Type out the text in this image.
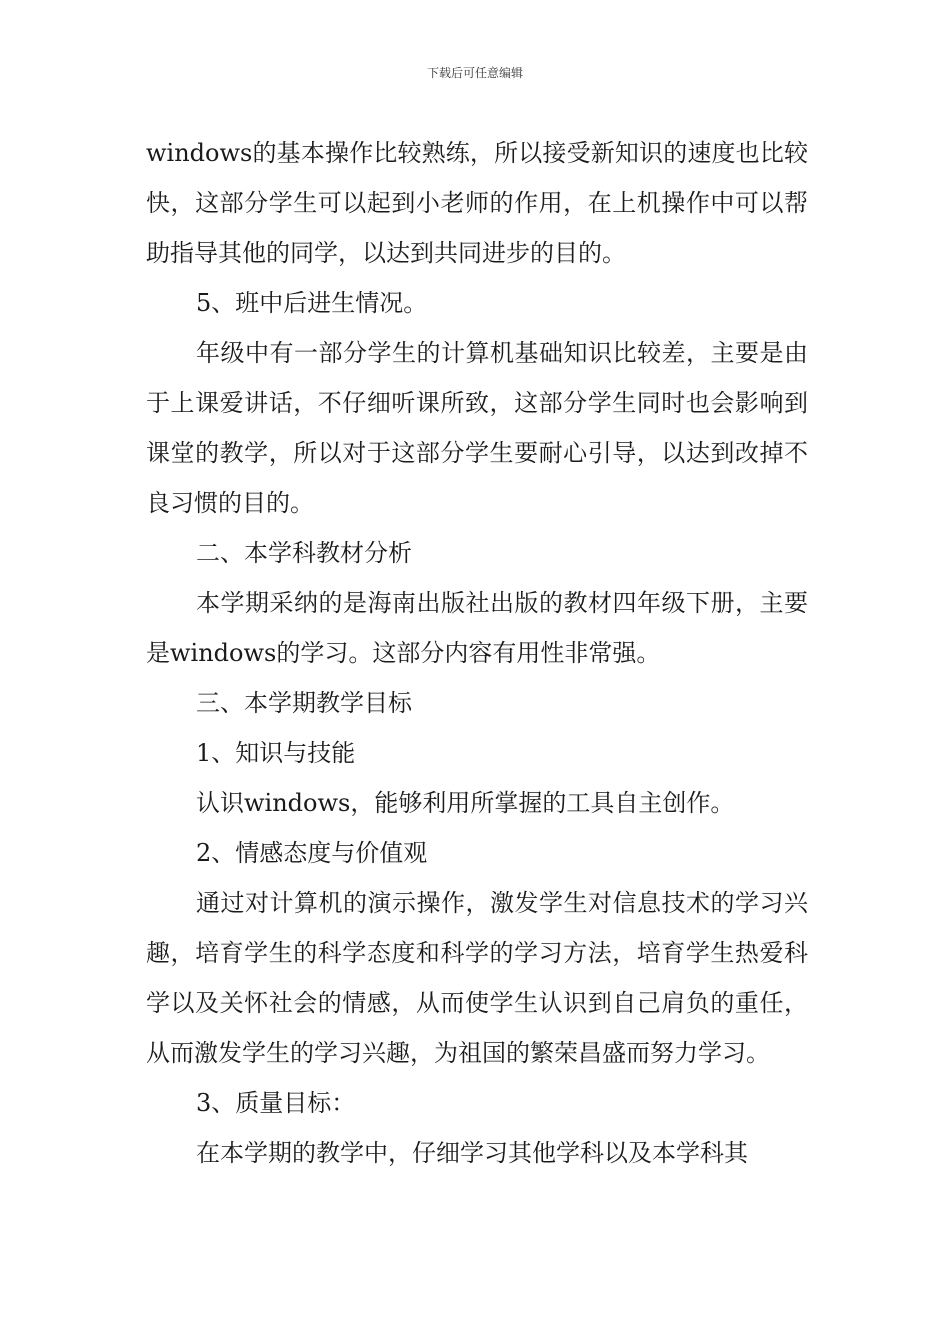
下载后可任意编辑

windows的基本操作比较熟练，所以接受新知识的速度也比较快，这部分学生可以起到小老师的作用，在上机操作中可以帮助指导其他的同学，以达到共同进步的目的。

5、班中后进生情况。

年级中有一部分学生的计算机基础知识比较差，主要是由于上课爱讲话，不仔细听课所致，这部分学生同时也会影响到课堂的教学，所以对于这部分学生要耐心引导，以达到改掉不良习惯的目的。

二、本学科教材分析

本学期采纳的是海南出版社出版的教材四年级下册，主要是windows的学习。这部分内容有用性非常强。

三、本学期教学目标

1、知识与技能

认识windows，能够利用所掌握的工具自主创作。

2、情感态度与价值观

通过对计算机的演示操作，激发学生对信息技术的学习兴趣，培育学生的科学态度和科学的学习方法，培育学生热爱科学以及关怀社会的情感，从而使学生认识到自己肩负的重任，从而激发学生的学习兴趣，为祖国的繁荣昌盛而努力学习。

3、质量目标：

在本学期的教学中，仔细学习其他学科以及本学科其
